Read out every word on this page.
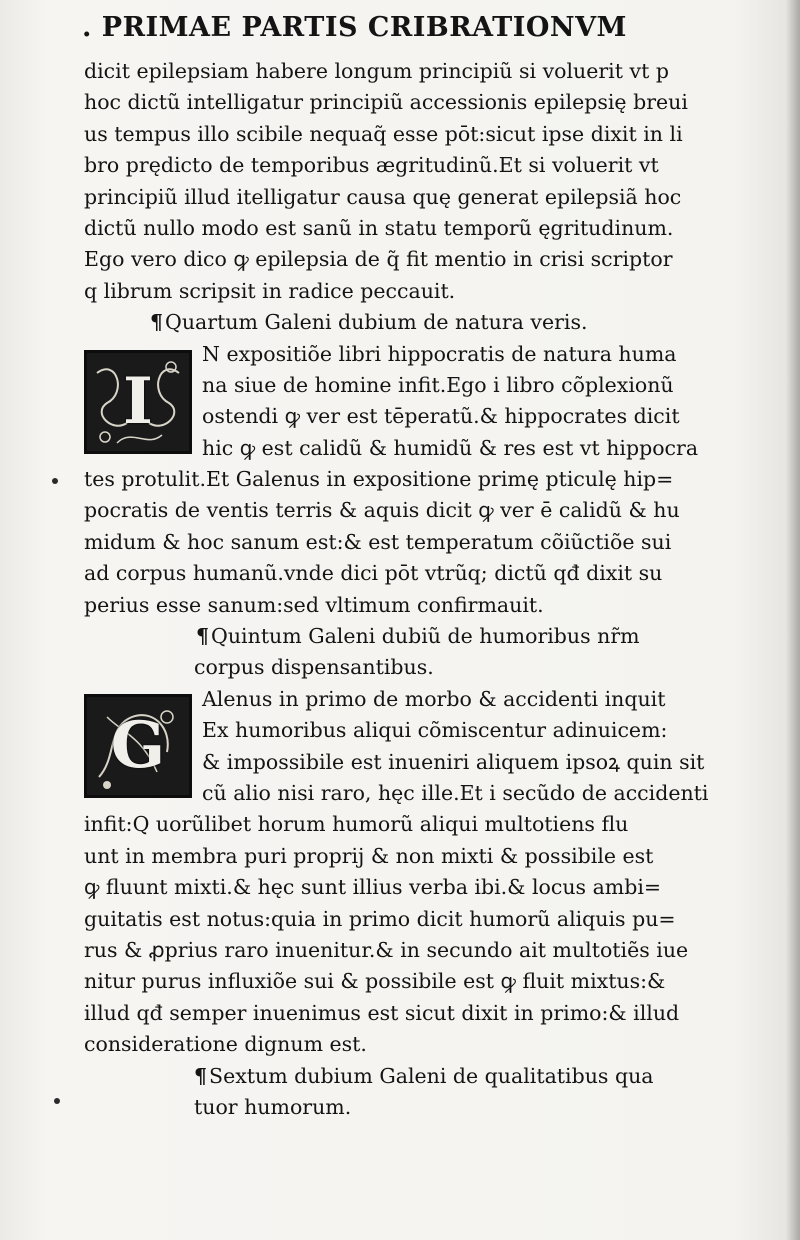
. PRIMAE PARTIS CRIBRATIONVM
I
G
dicit epilepsiam habere longum principiũ si voluerit vt p
hoc dictũ intelligatur principiũ accessionis epilepsię breui
us tempus illo scibile nequaq̃ esse pōt:sicut ipse dixit in li
bro prędicto de temporibus ægritudinũ.Et si voluerit vt
principiũ illud itelligatur causa quę generat epilepsiã hoc
dictũ nullo modo est sanũ in statu temporũ ęgritudinum.
Ego vero dico ꝙ epilepsia de q̃ fit mentio in crisi scriptor
q librum scripsit in radice peccauit.
¶Quartum Galeni dubium de natura veris.
N expositiõe libri hippocratis de natura huma
na siue de homine infit.Ego i libro cõplexionũ
ostendi ꝙ ver est tēperatũ.& hippocrates dicit
hic ꝙ est calidũ & humidũ & res est vt hippocra
tes protulit.Et Galenus in expositione primę pticulę hip=
pocratis de ventis terris & aquis dicit ꝙ ver ē calidũ & hu
midum & hoc sanum est:& est temperatum cõiũctiõe sui
ad corpus humanũ.vnde dici pōt vtrũq; dictũ qđ dixit su
perius esse sanum:sed vltimum confirmauit.
¶Quintum Galeni dubiũ de humoribus nr̃m
corpus dispensantibus.
Alenus in primo de morbo & accidenti inquit
Ex humoribus aliqui cõmiscentur adinuicem:
& impossibile est inueniri aliquem ipsoꝝ quin sit
cũ alio nisi raro, hęc ille.Et i secũdo de accidenti
infit:Q uorũlibet horum humorũ aliqui multotiens flu
unt in membra puri proprij & non mixti & possibile est
ꝙ fluunt mixti.& hęc sunt illius verba ibi.& locus ambi=
guitatis est notus:quia in primo dicit humorũ aliquis pu=
rus & ꝓprius raro inuenitur.& in secundo ait multotiẽs iue
nitur purus influxiõe sui & possibile est ꝙ fluit mixtus:&
illud qđ semper inuenimus est sicut dixit in primo:& illud
consideratione dignum est.
¶Sextum dubium Galeni de qualitatibus qua
tuor humorum.
